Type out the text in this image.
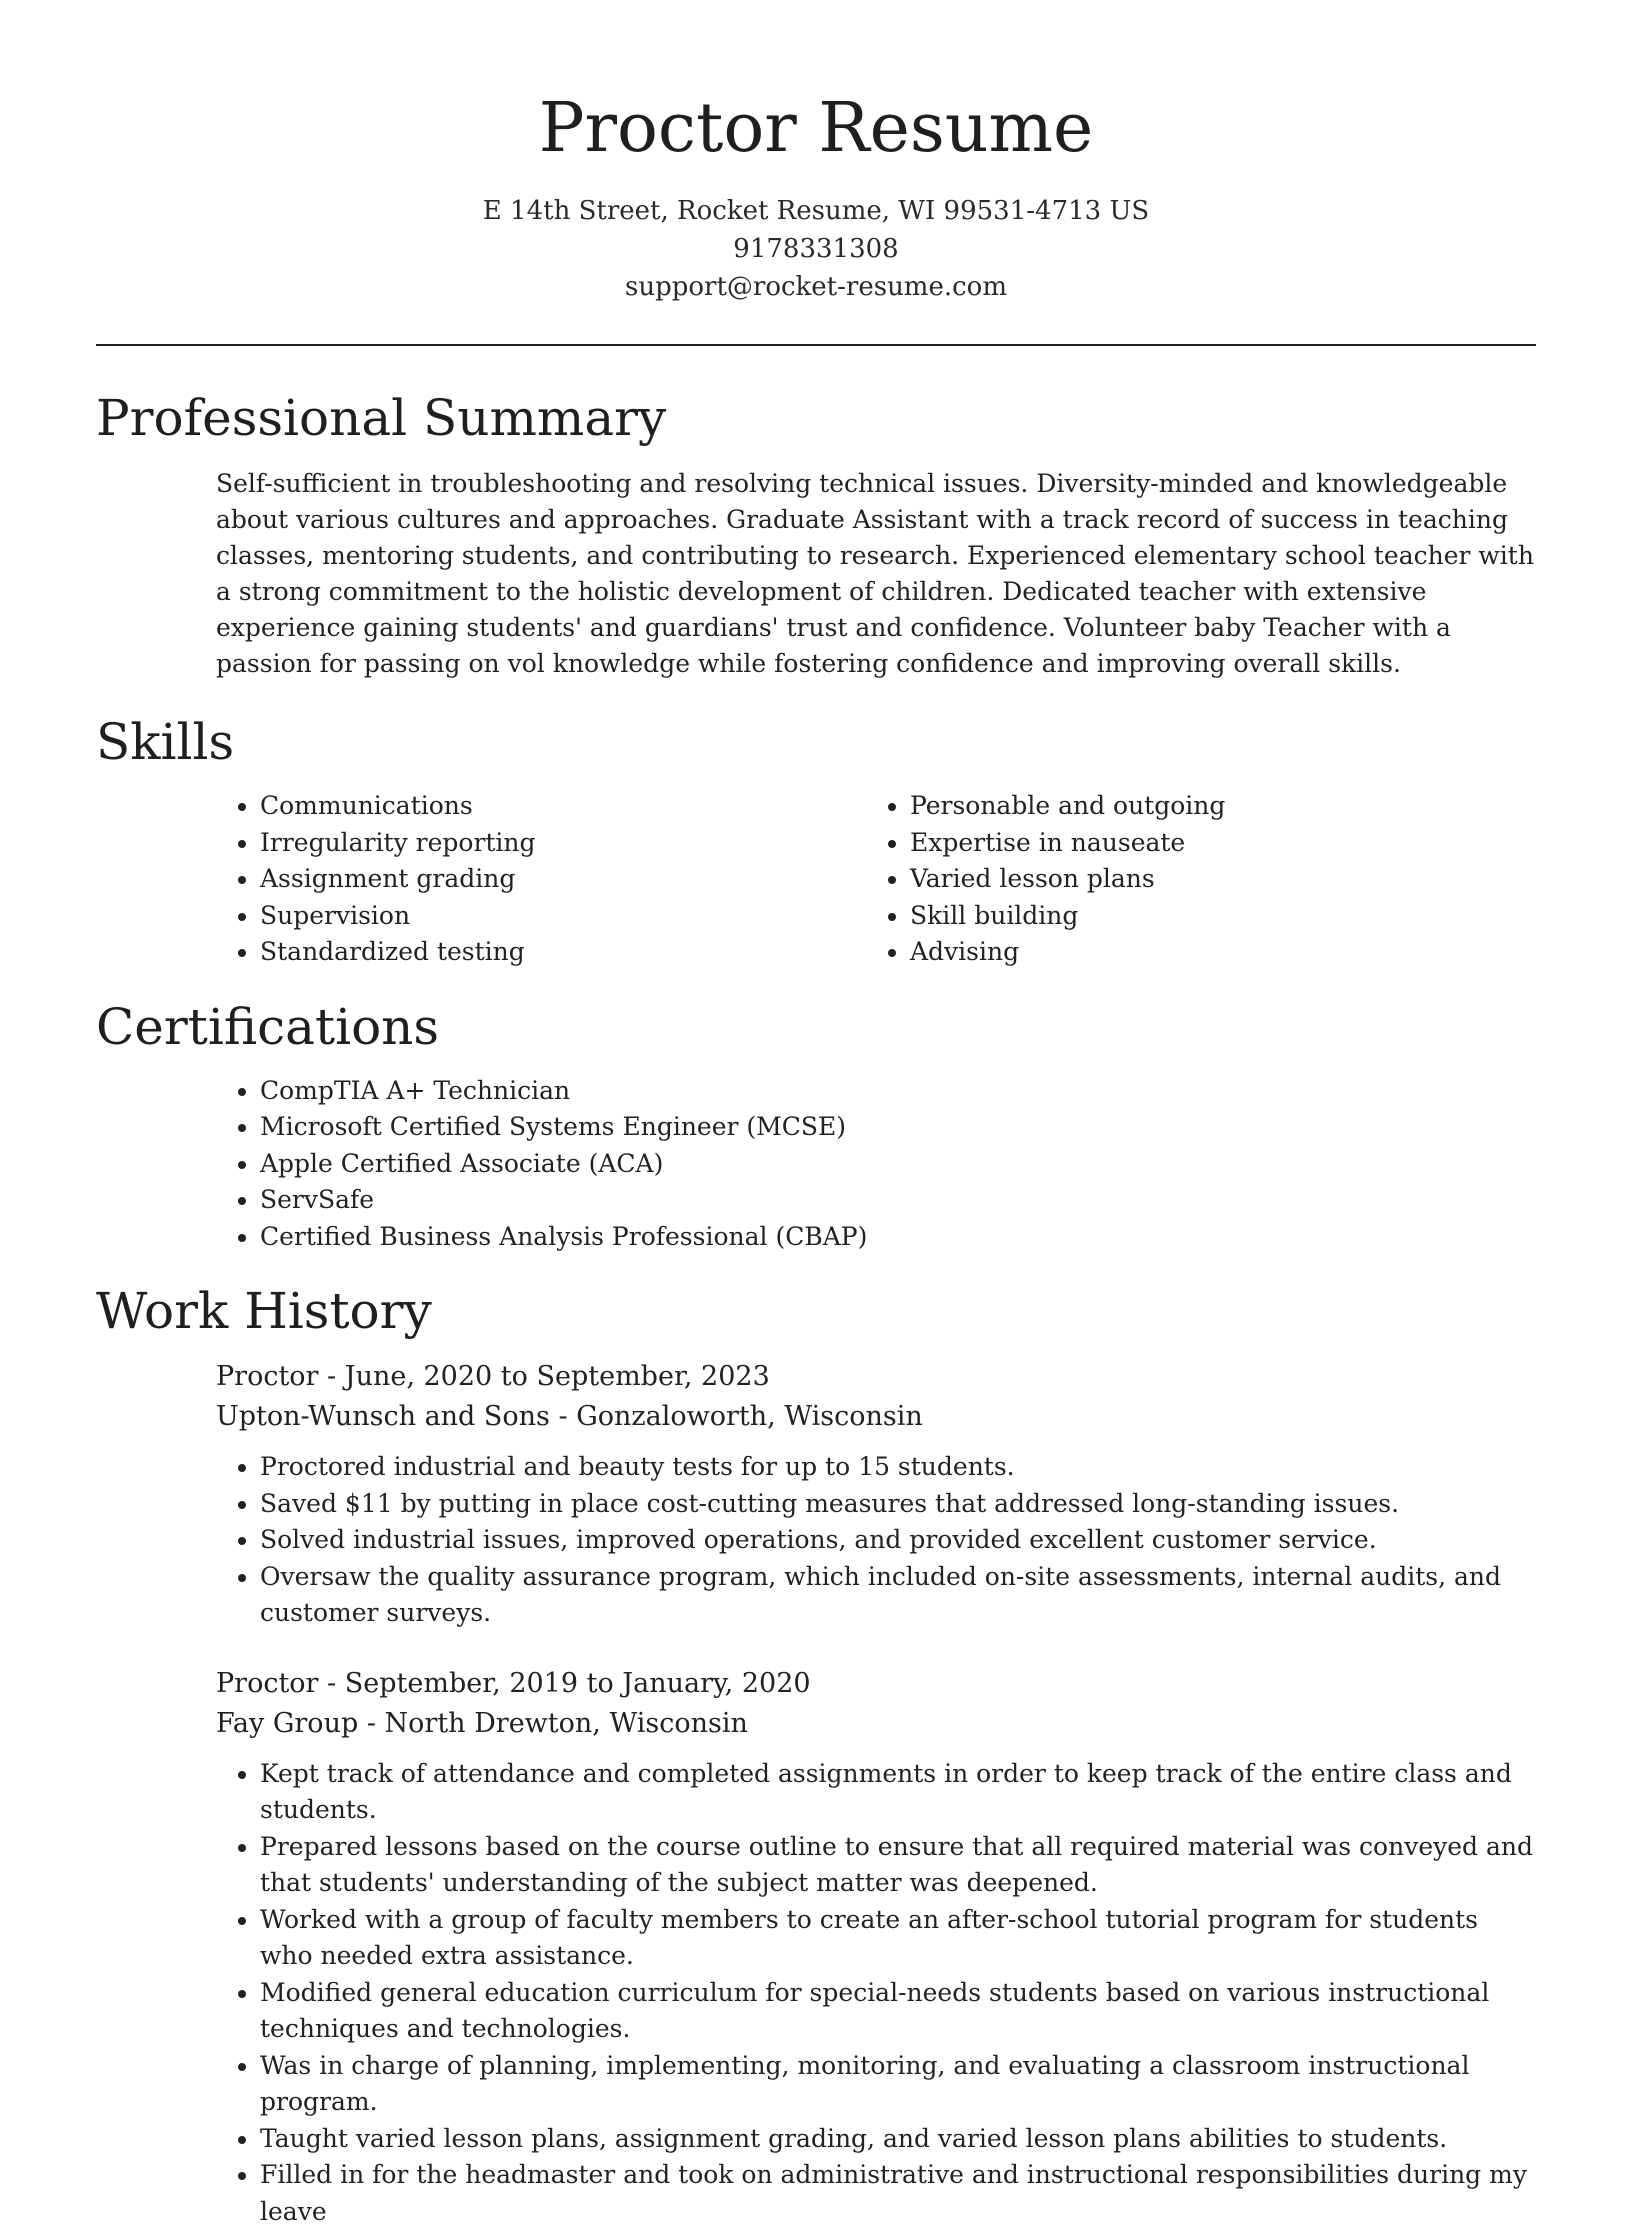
Proctor Resume
E 14th Street, Rocket Resume, WI 99531-4713 US
9178331308
support@rocket-resume.com
Professional Summary

Self-sufficient in troubleshooting and resolving technical issues. Diversity-minded and knowledgeable about various cultures and approaches. Graduate Assistant with a track record of success in teaching classes, mentoring students, and contributing to research. Experienced elementary school teacher with a strong commitment to the holistic development of children. Dedicated teacher with extensive experience gaining students' and guardians' trust and confidence. Volunteer baby Teacher with a passion for passing on vol knowledge while fostering confidence and improving overall skills.

Skills
• Communications
• Irregularity reporting
• Assignment grading
• Supervision
• Standardized testing
• Personable and outgoing
• Expertise in nauseate
• Varied lesson plans
• Skill building
• Advising
Certifications
• CompTIA A+ Technician
• Microsoft Certified Systems Engineer (MCSE)
• Apple Certified Associate (ACA)
• ServSafe
• Certified Business Analysis Professional (CBAP)
Work History
Proctor - June, 2020 to September, 2023
Upton-Wunsch and Sons - Gonzaloworth, Wisconsin
• Proctored industrial and beauty tests for up to 15 students.
• Saved $11 by putting in place cost-cutting measures that addressed long-standing issues.
• Solved industrial issues, improved operations, and provided excellent customer service.
• Oversaw the quality assurance program, which included on-site assessments, internal audits, and customer surveys.
Proctor - September, 2019 to January, 2020
Fay Group - North Drewton, Wisconsin
• Kept track of attendance and completed assignments in order to keep track of the entire class and students.
• Prepared lessons based on the course outline to ensure that all required material was conveyed and that students' understanding of the subject matter was deepened.
• Worked with a group of faculty members to create an after-school tutorial program for students who needed extra assistance.
• Modified general education curriculum for special-needs students based on various instructional techniques and technologies.
• Was in charge of planning, implementing, monitoring, and evaluating a classroom instructional program.
• Taught varied lesson plans, assignment grading, and varied lesson plans abilities to students.
• Filled in for the headmaster and took on administrative and instructional responsibilities during my leave
